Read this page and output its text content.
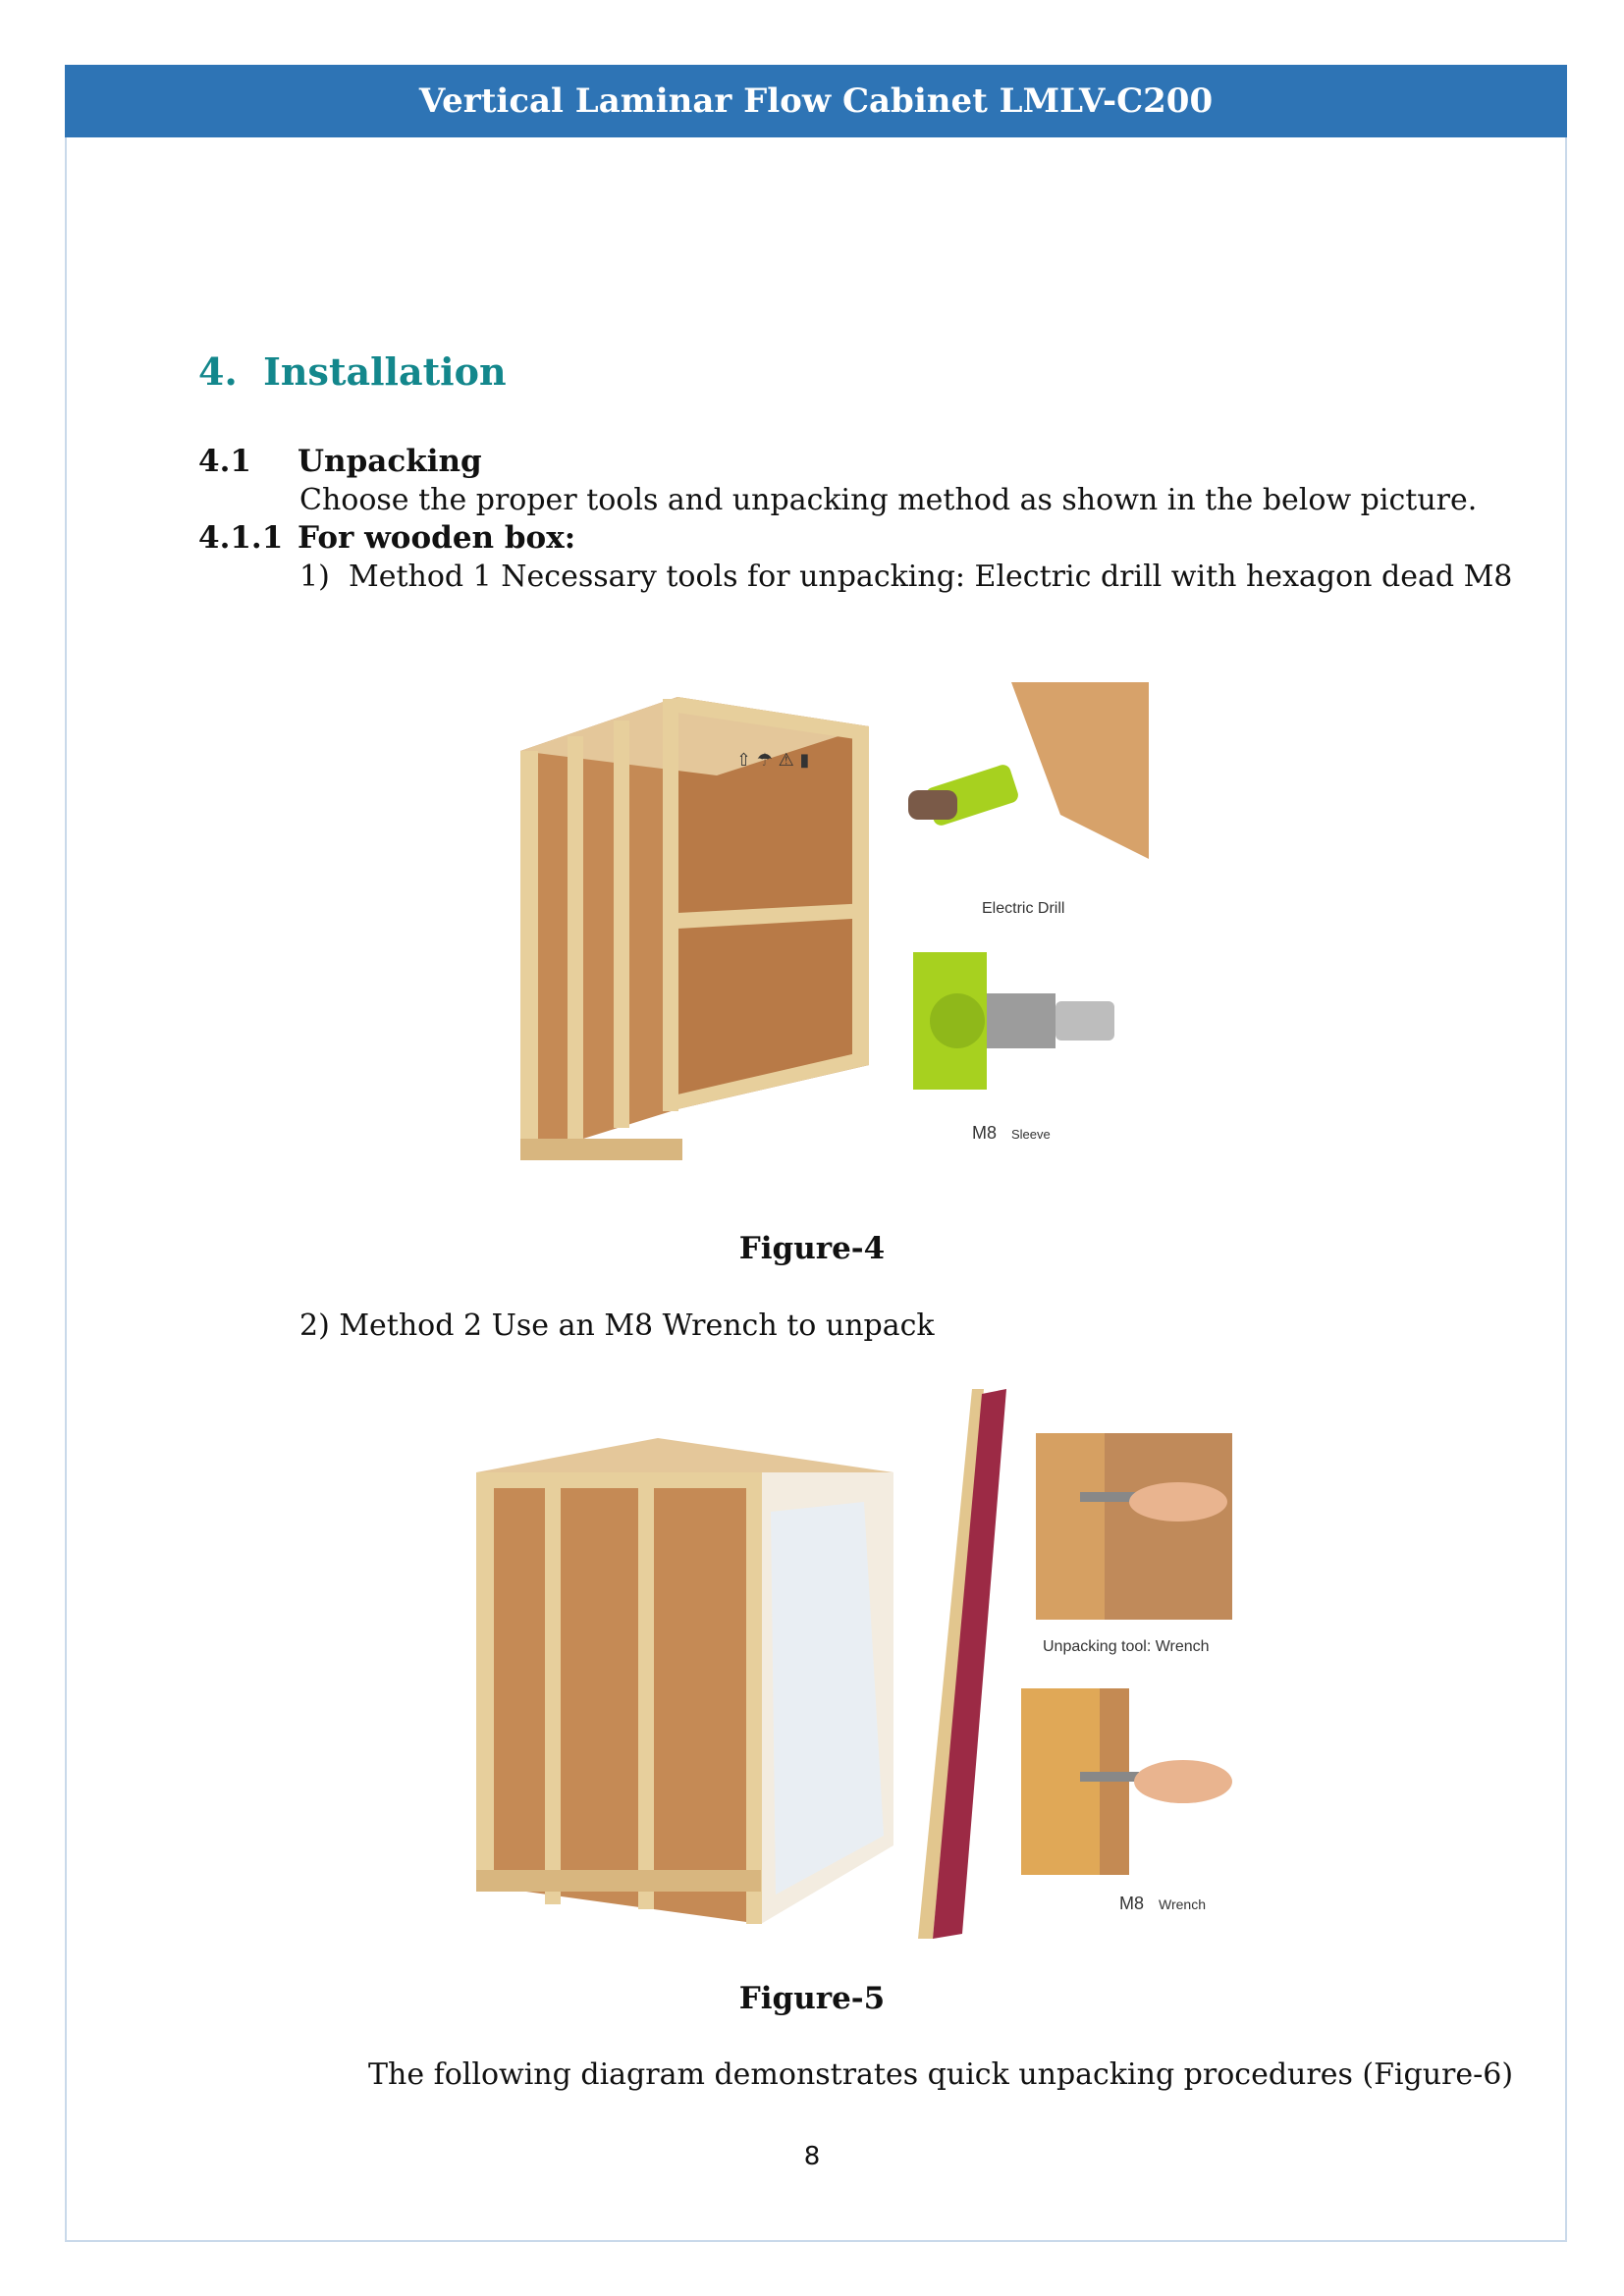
Vertical Laminar Flow Cabinet LMLV-C200
4. Installation
4.1 Unpacking
Choose the proper tools and unpacking method as shown in the below picture.
4.1.1 For wooden box:
1) Method 1 Necessary tools for unpacking: Electric drill with hexagon dead M8
⇧ ☂ ⚠ ▮
Electric Drill
M8 Sleeve
Figure-4
2) Method 2 Use an M8 Wrench to unpack
Unpacking tool: Wrench
M8 Wrench
Figure-5
The following diagram demonstrates quick unpacking procedures (Figure-6)
8
